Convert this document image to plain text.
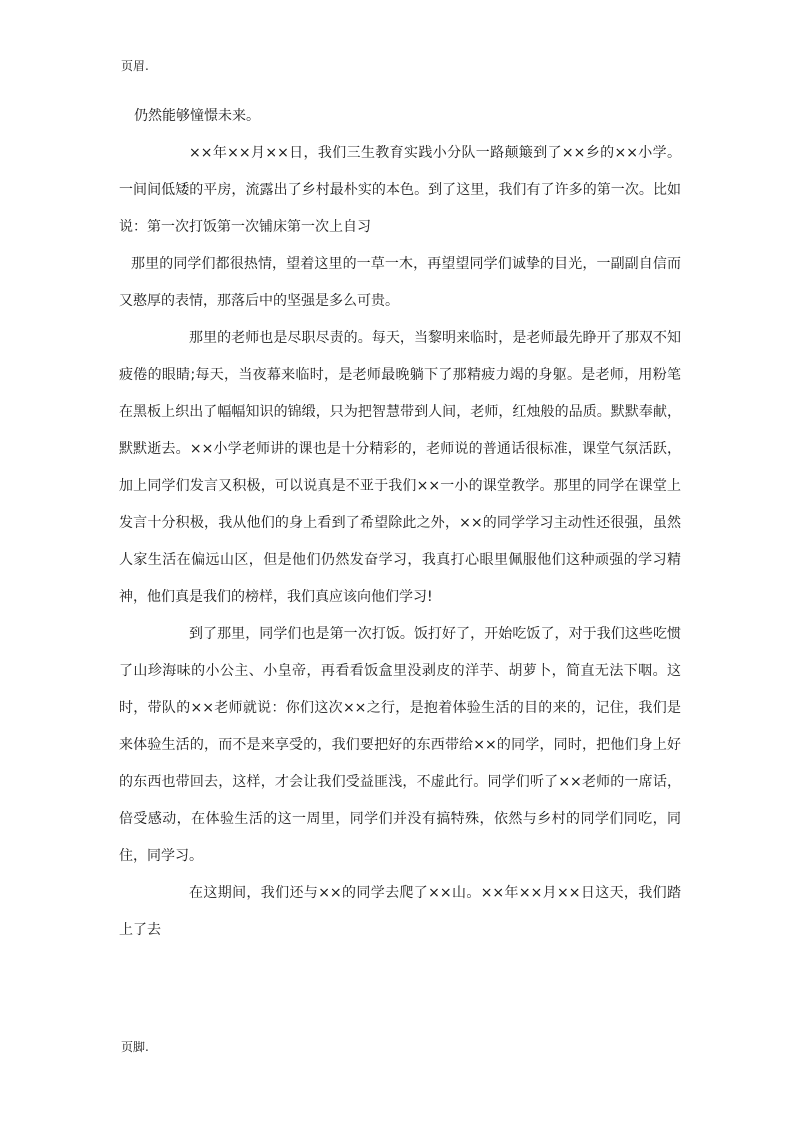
页眉.

仍然能够憧憬未来。

××年××月××日，我们三生教育实践小分队一路颠簸到了××乡的××小学。一间间低矮的平房，流露出了乡村最朴实的本色。到了这里，我们有了许多的第一次。比如说：第一次打饭第一次铺床第一次上自习

那里的同学们都很热情，望着这里的一草一木，再望望同学们诚挚的目光，一副副自信而又憨厚的表情，那落后中的坚强是多么可贵。

那里的老师也是尽职尽责的。每天，当黎明来临时，是老师最先睁开了那双不知疲倦的眼睛;每天，当夜幕来临时，是老师最晚躺下了那精疲力竭的身躯。是老师，用粉笔在黑板上织出了幅幅知识的锦缎，只为把智慧带到人间，老师，红烛般的品质。默默奉献，默默逝去。××小学老师讲的课也是十分精彩的，老师说的普通话很标准，课堂气氛活跃，加上同学们发言又积极，可以说真是不亚于我们××一小的课堂教学。那里的同学在课堂上发言十分积极，我从他们的身上看到了希望除此之外，××的同学学习主动性还很强，虽然人家生活在偏远山区，但是他们仍然发奋学习，我真打心眼里佩服他们这种顽强的学习精神，他们真是我们的榜样，我们真应该向他们学习!

到了那里，同学们也是第一次打饭。饭打好了，开始吃饭了，对于我们这些吃惯了山珍海味的小公主、小皇帝，再看看饭盒里没剥皮的洋芋、胡萝卜，简直无法下咽。这时，带队的××老师就说：你们这次××之行，是抱着体验生活的目的来的，记住，我们是来体验生活的，而不是来享受的，我们要把好的东西带给××的同学，同时，把他们身上好的东西也带回去，这样，才会让我们受益匪浅，不虚此行。同学们听了××老师的一席话，倍受感动，在体验生活的这一周里，同学们并没有搞特殊，依然与乡村的同学们同吃，同住，同学习。

在这期间，我们还与××的同学去爬了××山。××年××月××日这天，我们踏上了去

页脚.
